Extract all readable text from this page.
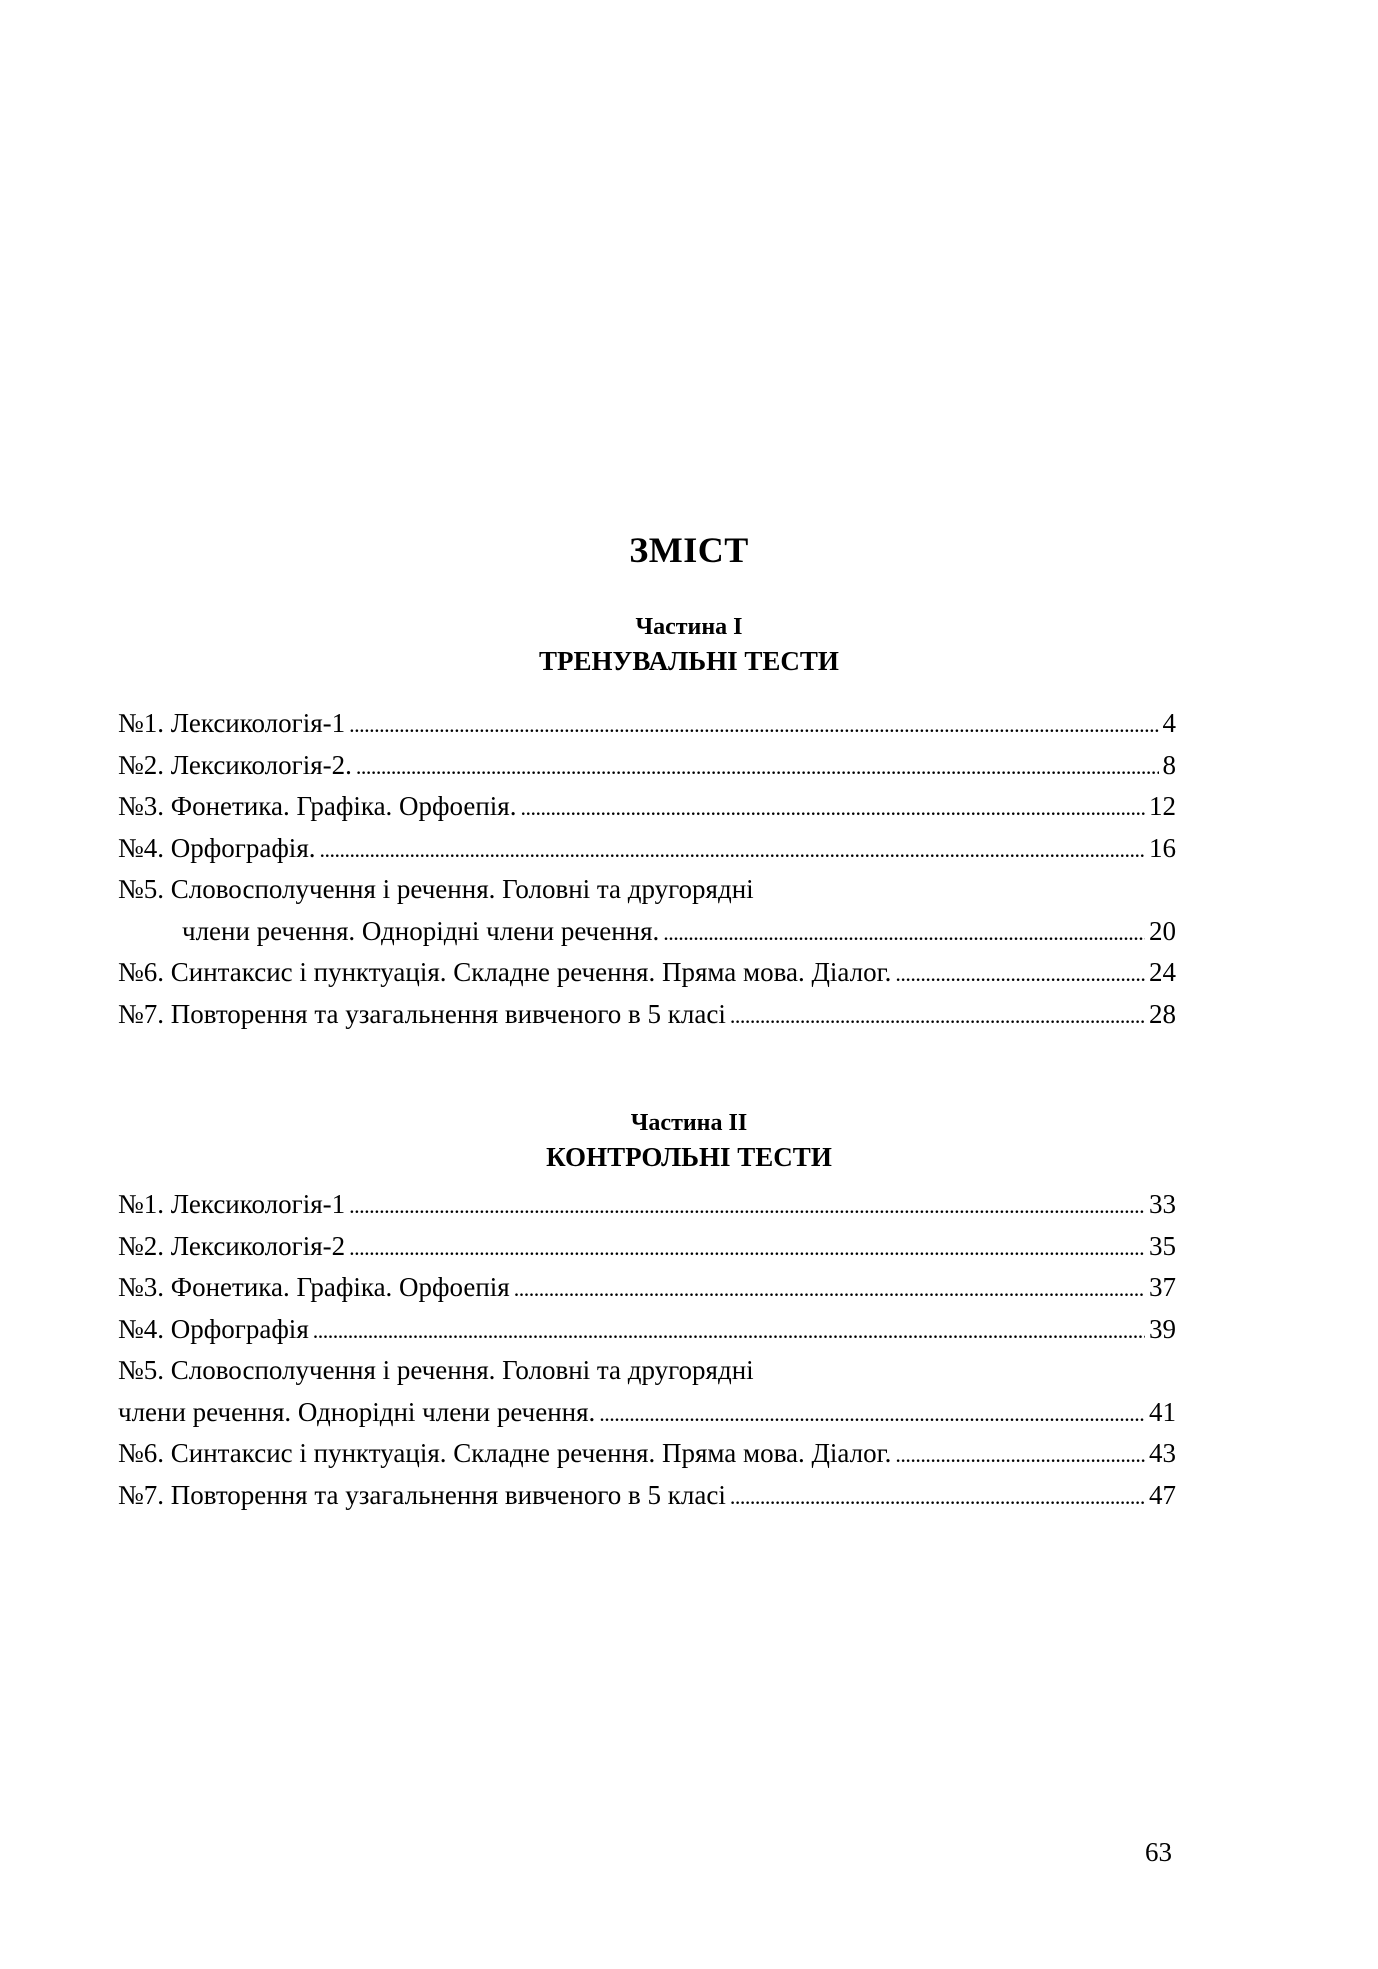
ЗМІСТ
Частина I
ТРЕНУВАЛЬНІ ТЕСТИ
№1. Лексикологія-1 . . .	4
№2. Лексикологія-2. . . .	8
№3. Фонетика. Графіка. Орфоепія. . . .	12
№4. Орфографія. . . .	16
№5. Словосполучення і речення. Головні та другорядні
члени речення. Однорідні члени речення. . . .	20
№6. Синтаксис і пунктуація. Складне речення. Пряма мова. Діалог. . . .	24
№7. Повторення та узагальнення вивченого в 5 класі . . .	28
Частина II
КОНТРОЛЬНІ ТЕСТИ
№1. Лексикологія-1 . . .	33
№2. Лексикологія-2 . . .	35
№3. Фонетика. Графіка. Орфоепія . . .	37
№4. Орфографія . . .	39
№5. Словосполучення і речення. Головні та другорядні
члени речення. Однорідні члени речення. . . .	41
№6. Синтаксис і пунктуація. Складне речення. Пряма мова. Діалог. . . .	43
№7. Повторення та узагальнення вивченого в 5 класі . . .	47
63
